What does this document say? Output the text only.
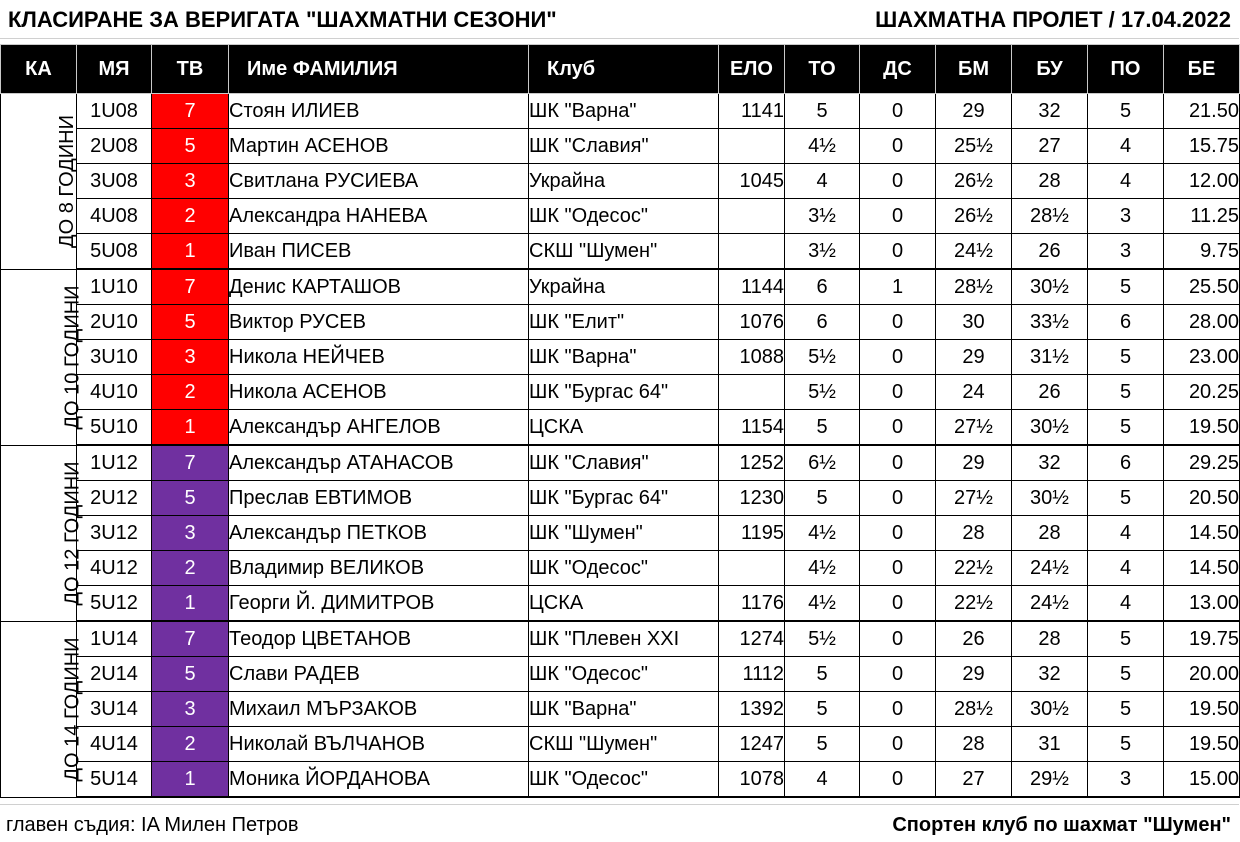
КЛАСИРАНЕ ЗА ВЕРИГАТА "ШАХМАТНИ СЕЗОНИ"	ШАХМАТНА ПРОЛЕТ / 17.04.2022
КА	МЯ	ТВ	Име ФАМИЛИЯ	Клуб	ЕЛО	ТО	ДС	БМ	БУ	ПО	БЕ
ДО 8 ГОДИНИ	1U08	7	Стоян ИЛИЕВ	ШК "Варна"	1141	5	0	29	32	5	21.50
	2U08	5	Мартин АСЕНОВ	ШК "Славия"		4½	0	25½	27	4	15.75
	3U08	3	Свитлана РУСИЕВА	Украйна	1045	4	0	26½	28	4	12.00
	4U08	2	Александра НАНЕВА	ШК "Одесос"		3½	0	26½	28½	3	11.25
	5U08	1	Иван ПИСЕВ	СКШ "Шумен"		3½	0	24½	26	3	9.75
ДО 10 ГОДИНИ	1U10	7	Денис КАРТАШОВ	Украйна	1144	6	1	28½	30½	5	25.50
	2U10	5	Виктор РУСЕВ	ШК "Елит"	1076	6	0	30	33½	6	28.00
	3U10	3	Никола НЕЙЧЕВ	ШК "Варна"	1088	5½	0	29	31½	5	23.00
	4U10	2	Никола АСЕНОВ	ШК "Бургас 64"		5½	0	24	26	5	20.25
	5U10	1	Александър АНГЕЛОВ	ЦСКА	1154	5	0	27½	30½	5	19.50
ДО 12 ГОДИНИ	1U12	7	Александър АТАНАСОВ	ШК "Славия"	1252	6½	0	29	32	6	29.25
	2U12	5	Преслав ЕВТИМОВ	ШК "Бургас 64"	1230	5	0	27½	30½	5	20.50
	3U12	3	Александър ПЕТКОВ	ШК "Шумен"	1195	4½	0	28	28	4	14.50
	4U12	2	Владимир ВЕЛИКОВ	ШК "Одесос"		4½	0	22½	24½	4	14.50
	5U12	1	Георги Й. ДИМИТРОВ	ЦСКА	1176	4½	0	22½	24½	4	13.00
ДО 14 ГОДИНИ	1U14	7	Теодор ЦВЕТАНОВ	ШК "Плевен XXI	1274	5½	0	26	28	5	19.75
	2U14	5	Слави РАДЕВ	ШК "Одесос"	1112	5	0	29	32	5	20.00
	3U14	3	Михаил МЪРЗАКОВ	ШК "Варна"	1392	5	0	28½	30½	5	19.50
	4U14	2	Николай ВЪЛЧАНОВ	СКШ "Шумен"	1247	5	0	28	31	5	19.50
	5U14	1	Моника ЙОРДАНОВА	ШК "Одесос"	1078	4	0	27	29½	3	15.00
главен съдия: IA Милен Петров	Спортен клуб по шахмат "Шумен"
